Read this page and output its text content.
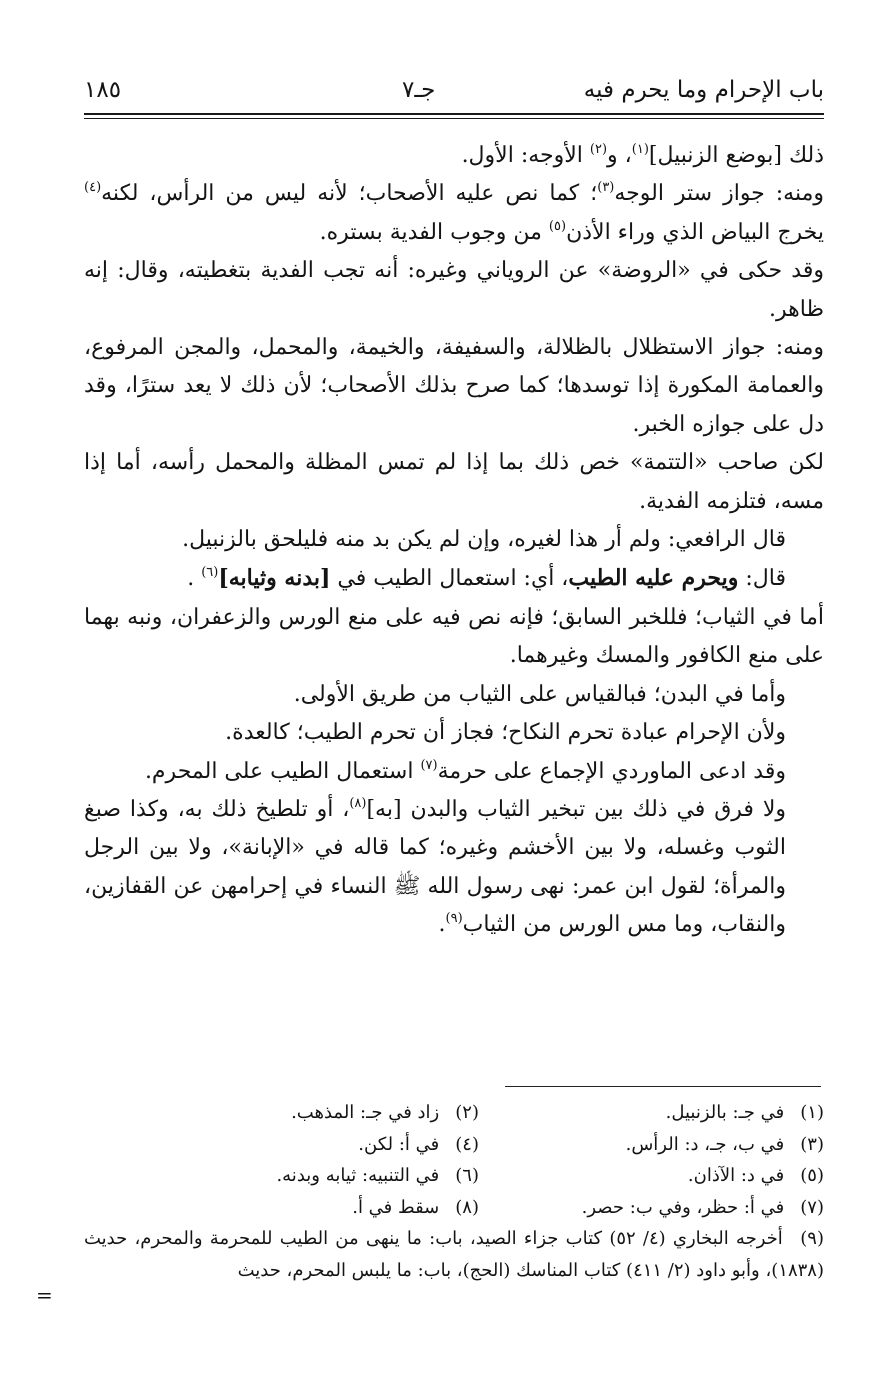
باب الإحرام وما يحرم فيه
جـ٧
١٨٥

ذلك [بوضع الزنبيل]$^{(١)}$، و$^{(٢)}$ الأوجه: الأول.

ومنه: جواز ستر الوجه$^{(٣)}$؛ كما نص عليه الأصحاب؛ لأنه ليس من الرأس، لكنه$^{(٤)}$ يخرج البياض الذي وراء الأذن$^{(٥)}$ من وجوب الفدية بستره.

وقد حكى في «الروضة» عن الروياني وغيره: أنه تجب الفدية بتغطيته، وقال: إنه ظاهر.

ومنه: جواز الاستظلال بالظلالة، والسفيفة، والخيمة، والمحمل، والمجن المرفوع، والعمامة المكورة إذا توسدها؛ كما صرح بذلك الأصحاب؛ لأن ذلك لا يعد سترًا، وقد دل على جوازه الخبر.

لكن صاحب «التتمة» خص ذلك بما إذا لم تمس المظلة والمحمل رأسه، أما إذا مسه، فتلزمه الفدية.

قال الرافعي: ولم أر هذا لغيره، وإن لم يكن بد منه فليلحق بالزنبيل.

قال: ويحرم عليه الطيب، أي: استعمال الطيب في [بدنه وثيابه]$^{(٦)}$ .

أما في الثياب؛ فللخبر السابق؛ فإنه نص فيه على منع الورس والزعفران، ونبه بهما على منع الكافور والمسك وغيرهما.

وأما في البدن؛ فبالقياس على الثياب من طريق الأولى.

ولأن الإحرام عبادة تحرم النكاح؛ فجاز أن تحرم الطيب؛ كالعدة.

وقد ادعى الماوردي الإجماع على حرمة$^{(٧)}$ استعمال الطيب على المحرم.

ولا فرق في ذلك بين تبخير الثياب والبدن [به]$^{(٨)}$، أو تلطيخ ذلك به، وكذا صبغ الثوب وغسله، ولا بين الأخشم وغيره؛ كما قاله في «الإبانة»، ولا بين الرجل والمرأة؛ لقول ابن عمر: نهى رسول الله ﷺ النساء في إحرامهن عن القفازين، والنقاب، وما مس الورس من الثياب$^{(٩)}$.

(١) في جـ: بالزنبيل.
(٢) زاد في جـ: المذهب.
(٣) في ب، جـ، د: الرأس.
(٤) في أ: لكن.
(٥) في د: الآذان.
(٦) في التنبيه: ثيابه وبدنه.
(٧) في أ: حظر، وفي ب: حصر.
(٨) سقط في أ.

(٩) أخرجه البخاري (٤/ ٥٢) كتاب جزاء الصيد، باب: ما ينهى من الطيب للمحرمة والمحرم، حديث (١٨٣٨)، وأبو داود (٢/ ٤١١) كتاب المناسك (الحج)، باب: ما يلبس المحرم، حديث

=
